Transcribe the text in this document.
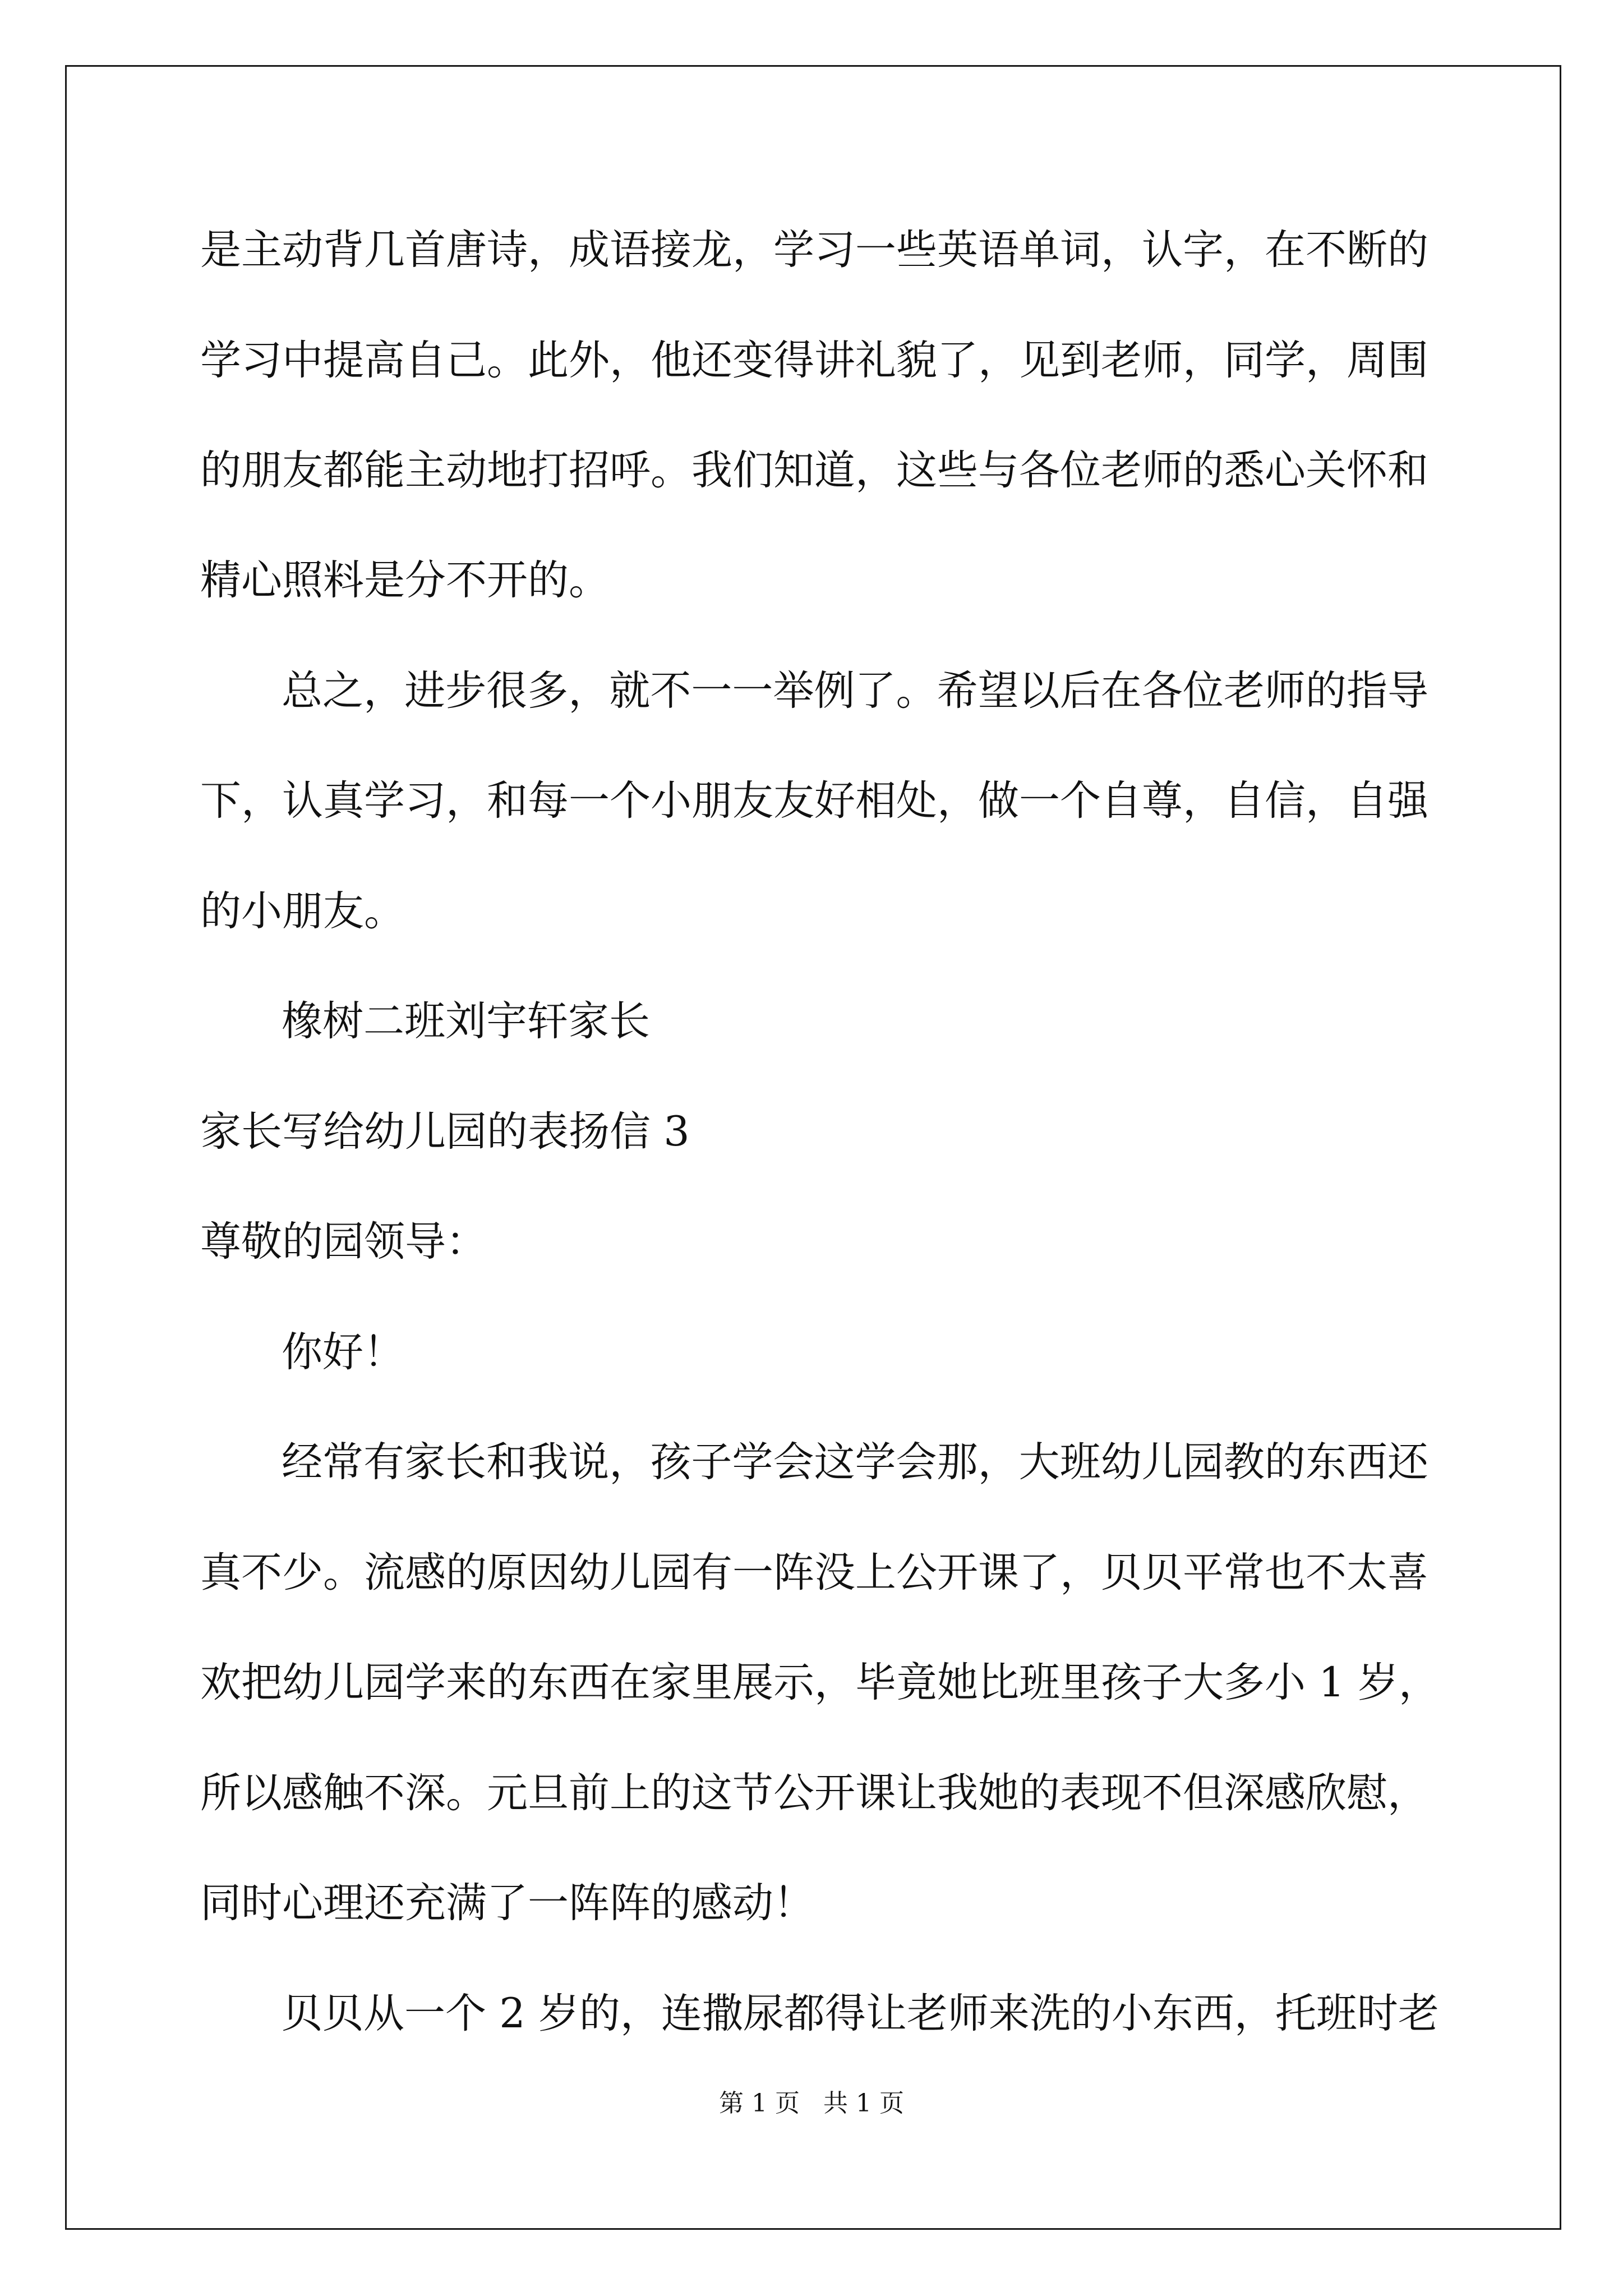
是主动背几首唐诗，成语接龙，学习一些英语单词，认字，在不断的
学习中提高自己。此外，他还变得讲礼貌了，见到老师，同学，周围
的朋友都能主动地打招呼。我们知道，这些与各位老师的悉心关怀和
精心照料是分不开的。
总之，进步很多，就不一一举例了。希望以后在各位老师的指导
下，认真学习，和每一个小朋友友好相处，做一个自尊，自信，自强
的小朋友。
橡树二班刘宇轩家长
家长写给幼儿园的表扬信 3
尊敬的园领导：
你好！
经常有家长和我说，孩子学会这学会那，大班幼儿园教的东西还
真不少。流感的原因幼儿园有一阵没上公开课了，贝贝平常也不太喜
欢把幼儿园学来的东西在家里展示，毕竟她比班里孩子大多小 1 岁，
所以感触不深。元旦前上的这节公开课让我她的表现不但深感欣慰，
同时心理还充满了一阵阵的感动！
贝贝从一个 2 岁的，连撒尿都得让老师来洗的小东西，托班时老
第 1 页   共 1 页
